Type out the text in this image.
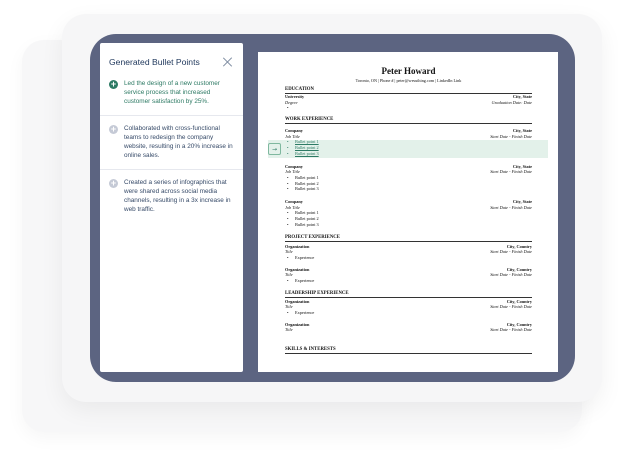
Generated Bullet Points
+ Led the design of a new customer service process that increased customer satisfaction by 25%.
+ Collaborated with cross-functional teams to redesign the company website, resulting in a 20% increase in online sales.
+ Created a series of infographics that were shared across social media channels, resulting in a 3x increase in web traffic.
Peter Howard
Toronto, ON | Phone # | peter@wesuthing.com | LinkedIn Link
EDUCATION
University	City, State
Degree	Graduation Date: Date
•
WORK EXPERIENCE
Company	City, State
Job Title	Start Date - Finish Date
• Bullet point 1
• Bullet point 2
• Bullet point 3
Company	City, State
Job Title	Start Date - Finish Date
• Bullet point 1
• Bullet point 2
• Bullet point 3
Company	City, State
Job Title	Start Date - Finish Date
• Bullet point 1
• Bullet point 2
• Bullet point 3
PROJECT EXPERIENCE
Organization	City, Country
Title	Start Date - Finish Date
• Experience
Organization	City, Country
Title	Start Date - Finish Date
• Experience
LEADERSHIP EXPERIENCE
Organization	City, Country
Title	Start Date - Finish Date
• Experience
Organization	City, Country
Title	Start Date - Finish Date
SKILLS & INTERESTS
→
